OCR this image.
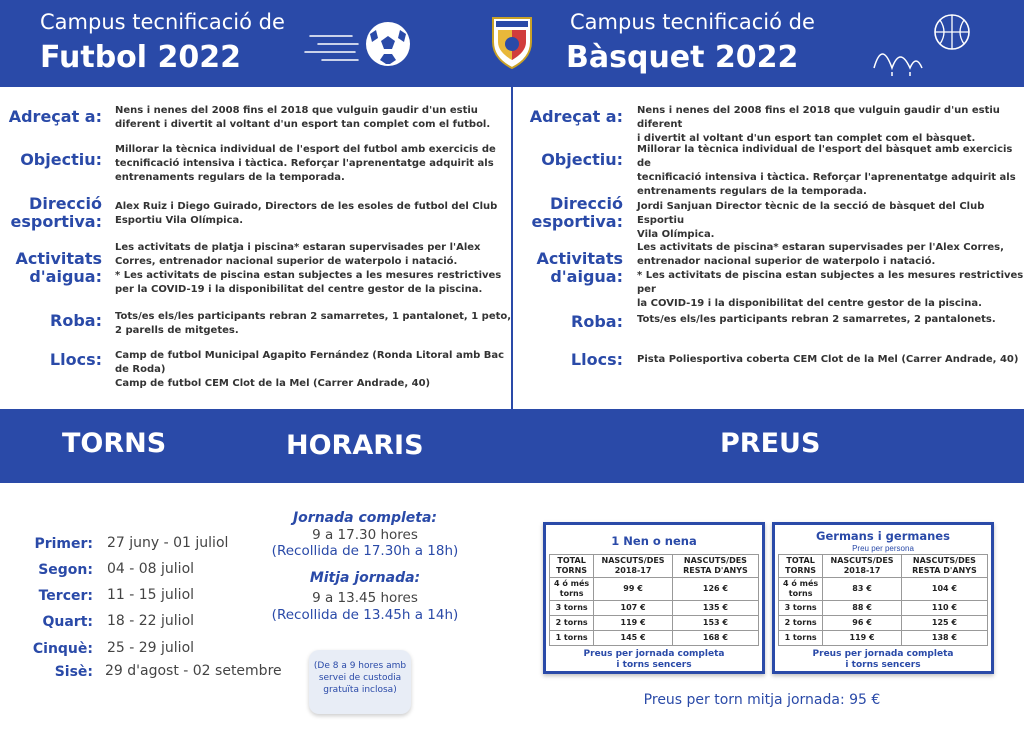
Campus tecnificació de
Futbol 2022
Campus tecnificació de
Bàsquet 2022
Adreçat a: Nens i nenes del 2008 fins el 2018 que vulguin gaudir d'un estiu
diferent i divertit al voltant d'un esport tan complet com el futbol.
Objectiu:
Millorar la tècnica individual de l'esport del futbol amb exercicis de
tecnificació intensiva i tàctica. Reforçar l'aprenentatge adquirit als
entrenaments regulars de la temporada.
Direcció
esportiva:
Alex Ruiz i Diego Guirado, Directors de les esoles de futbol del Club
Esportiu Vila Olímpica.
Activitats
d'aigua:
Les activitats de platja i piscina* estaran supervisades per l'Alex
Corres, entrenador nacional superior de waterpolo i natació.
* Les activitats de piscina estan subjectes a les mesures restrictives
per la COVID-19 i la disponibilitat del centre gestor de la piscina.
Roba: Tots/es els/les participants rebran 2 samarretes, 1 pantalonet, 1 peto,
2 parells de mitgetes.
Llocs: Camp de futbol Municipal Agapito Fernández (Ronda Litoral amb Bac
de Roda)
Camp de futbol CEM Clot de la Mel (Carrer Andrade, 40)
Adreçat a: Nens i nenes del 2008 fins el 2018 que vulguin gaudir d'un estiu diferent
i divertit al voltant d'un esport tan complet com el bàsquet.
Objectiu:
Millorar la tècnica individual de l'esport del bàsquet amb exercicis de
tecnificació intensiva i tàctica. Reforçar l'aprenentatge adquirit als
entrenaments regulars de la temporada.
Direcció
esportiva:
Jordi Sanjuan Director tècnic de la secció de bàsquet del Club Esportiu
Vila Olímpica.
Activitats
d'aigua:
Les activitats de piscina* estaran supervisades per l'Alex Corres,
entrenador nacional superior de waterpolo i natació.
* Les activitats de piscina estan subjectes a les mesures restrictives per
la COVID-19 i la disponibilitat del centre gestor de la piscina.
Roba: Tots/es els/les participants rebran 2 samarretes, 2 pantalonets.
Llocs: Pista Poliesportiva coberta CEM Clot de la Mel (Carrer Andrade, 40)
TORNS	HORARIS	PREUS
Primer: 27 juny - 01 juliol
Segon: 04 - 08 juliol
Tercer: 11 - 15 juliol
Quart: 18 - 22 juliol
Cinquè: 25 - 29 juliol
Sisè: 29 d'agost - 02 setembre
Jornada completa:
9 a 17.30 hores
(Recollida de 17.30h a 18h)
Mitja jornada:
9 a 13.45 hores
(Recollida de 13.45h a 14h)
(De 8 a 9 hores amb
servei de custodia
gratuïta inclosa)
1 Nen o nena
TOTAL TORNS	NASCUTS/DES 2018-17	NASCUTS/DES RESTA D'ANYS
4 ó més torns	99 €	126 €
3 torns	107 €	135 €
2 torns	119 €	153 €
1 torns	145 €	168 €
Preus per jornada completa
i torns sencers
Germans i germanes
Preu per persona
TOTAL TORNS	NASCUTS/DES 2018-17	NASCUTS/DES RESTA D'ANYS
4 ó més torns	83 €	104 €
3 torns	88 €	110 €
2 torns	96 €	125 €
1 torns	119 €	138 €
Preus per jornada completa
i torns sencers
Preus per torn mitja jornada: 95 €
